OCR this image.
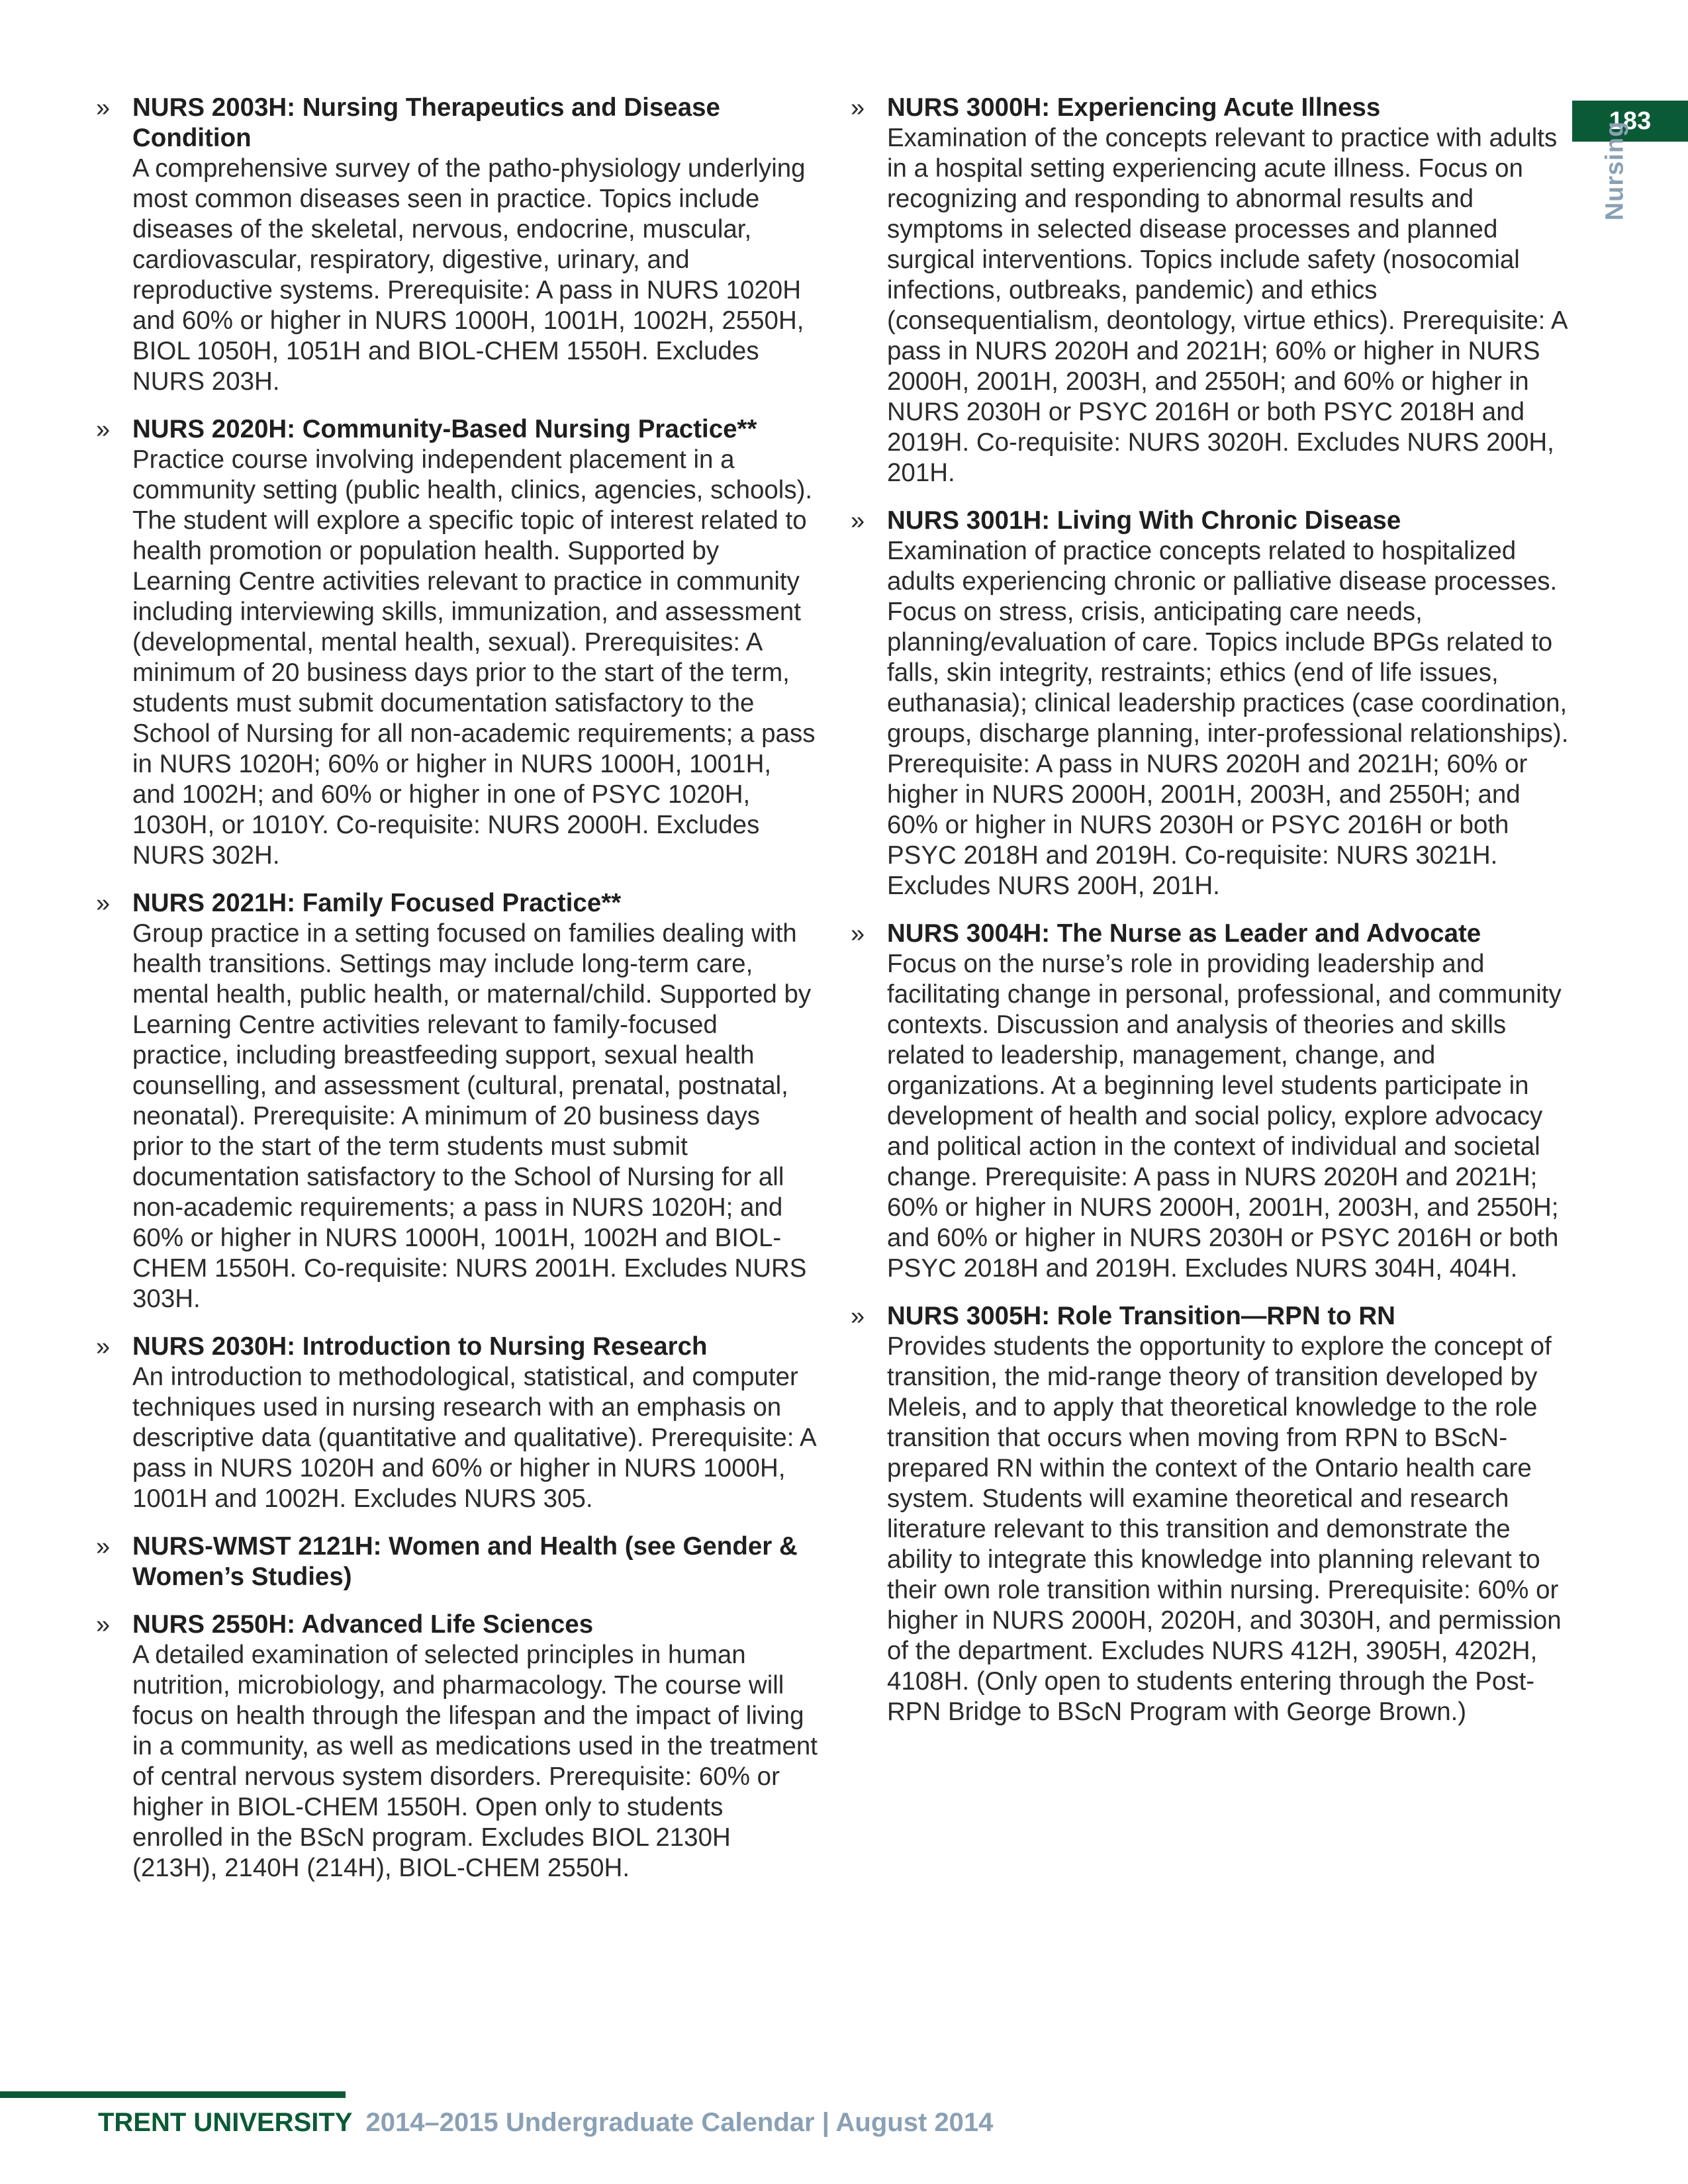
183
Nursing
» NURS 2003H: Nursing Therapeutics and Disease Condition
A comprehensive survey of the patho-physiology underlying most common diseases seen in practice. Topics include diseases of the skeletal, nervous, endocrine, muscular, cardiovascular, respiratory, digestive, urinary, and reproductive systems. Prerequisite: A pass in NURS 1020H and 60% or higher in NURS 1000H, 1001H, 1002H, 2550H, BIOL 1050H, 1051H and BIOL-CHEM 1550H. Excludes NURS 203H.
» NURS 2020H: Community-Based Nursing Practice**
Practice course involving independent placement in a community setting (public health, clinics, agencies, schools). The student will explore a specific topic of interest related to health promotion or population health. Supported by Learning Centre activities relevant to practice in community including interviewing skills, immunization, and assessment (developmental, mental health, sexual). Prerequisites: A minimum of 20 business days prior to the start of the term, students must submit documentation satisfactory to the School of Nursing for all non-academic requirements; a pass in NURS 1020H; 60% or higher in NURS 1000H, 1001H, and 1002H; and 60% or higher in one of PSYC 1020H, 1030H, or 1010Y. Co-requisite: NURS 2000H. Excludes NURS 302H.
» NURS 2021H: Family Focused Practice**
Group practice in a setting focused on families dealing with health transitions. Settings may include long-term care, mental health, public health, or maternal/child. Supported by Learning Centre activities relevant to family-focused practice, including breastfeeding support, sexual health counselling, and assessment (cultural, prenatal, postnatal, neonatal). Prerequisite: A minimum of 20 business days prior to the start of the term students must submit documentation satisfactory to the School of Nursing for all non-academic requirements; a pass in NURS 1020H; and 60% or higher in NURS 1000H, 1001H, 1002H and BIOL-CHEM 1550H. Co-requisite: NURS 2001H. Excludes NURS 303H.
» NURS 2030H: Introduction to Nursing Research
An introduction to methodological, statistical, and computer techniques used in nursing research with an emphasis on descriptive data (quantitative and qualitative). Prerequisite: A pass in NURS 1020H and 60% or higher in NURS 1000H, 1001H and 1002H. Excludes NURS 305.
» NURS-WMST 2121H: Women and Health (see Gender & Women’s Studies)
» NURS 2550H: Advanced Life Sciences
A detailed examination of selected principles in human nutrition, microbiology, and pharmacology. The course will focus on health through the lifespan and the impact of living in a community, as well as medications used in the treatment of central nervous system disorders. Prerequisite: 60% or higher in BIOL-CHEM 1550H. Open only to students enrolled in the BScN program. Excludes BIOL 2130H (213H), 2140H (214H), BIOL-CHEM 2550H.
» NURS 3000H: Experiencing Acute Illness
Examination of the concepts relevant to practice with adults in a hospital setting experiencing acute illness. Focus on recognizing and responding to abnormal results and symptoms in selected disease processes and planned surgical interventions. Topics include safety (nosocomial infections, outbreaks, pandemic) and ethics (consequentialism, deontology, virtue ethics). Prerequisite: A pass in NURS 2020H and 2021H; 60% or higher in NURS 2000H, 2001H, 2003H, and 2550H; and 60% or higher in NURS 2030H or PSYC 2016H or both PSYC 2018H and 2019H. Co-requisite: NURS 3020H. Excludes NURS 200H, 201H.
» NURS 3001H: Living With Chronic Disease
Examination of practice concepts related to hospitalized adults experiencing chronic or palliative disease processes. Focus on stress, crisis, anticipating care needs, planning/evaluation of care. Topics include BPGs related to falls, skin integrity, restraints; ethics (end of life issues, euthanasia); clinical leadership practices (case coordination, groups, discharge planning, inter-professional relationships). Prerequisite: A pass in NURS 2020H and 2021H; 60% or higher in NURS 2000H, 2001H, 2003H, and 2550H; and 60% or higher in NURS 2030H or PSYC 2016H or both PSYC 2018H and 2019H. Co-requisite: NURS 3021H. Excludes NURS 200H, 201H.
» NURS 3004H: The Nurse as Leader and Advocate
Focus on the nurse’s role in providing leadership and facilitating change in personal, professional, and community contexts. Discussion and analysis of theories and skills related to leadership, management, change, and organizations. At a beginning level students participate in development of health and social policy, explore advocacy and political action in the context of individual and societal change. Prerequisite: A pass in NURS 2020H and 2021H; 60% or higher in NURS 2000H, 2001H, 2003H, and 2550H; and 60% or higher in NURS 2030H or PSYC 2016H or both PSYC 2018H and 2019H. Excludes NURS 304H, 404H.
» NURS 3005H: Role Transition—RPN to RN
Provides students the opportunity to explore the concept of transition, the mid-range theory of transition developed by Meleis, and to apply that theoretical knowledge to the role transition that occurs when moving from RPN to BScN-prepared RN within the context of the Ontario health care system. Students will examine theoretical and research literature relevant to this transition and demonstrate the ability to integrate this knowledge into planning relevant to their own role transition within nursing. Prerequisite: 60% or higher in NURS 2000H, 2020H, and 3030H, and permission of the department. Excludes NURS 412H, 3905H, 4202H, 4108H. (Only open to students entering through the Post-RPN Bridge to BScN Program with George Brown.)
TRENT UNIVERSITY 2014–2015 Undergraduate Calendar | August 2014
